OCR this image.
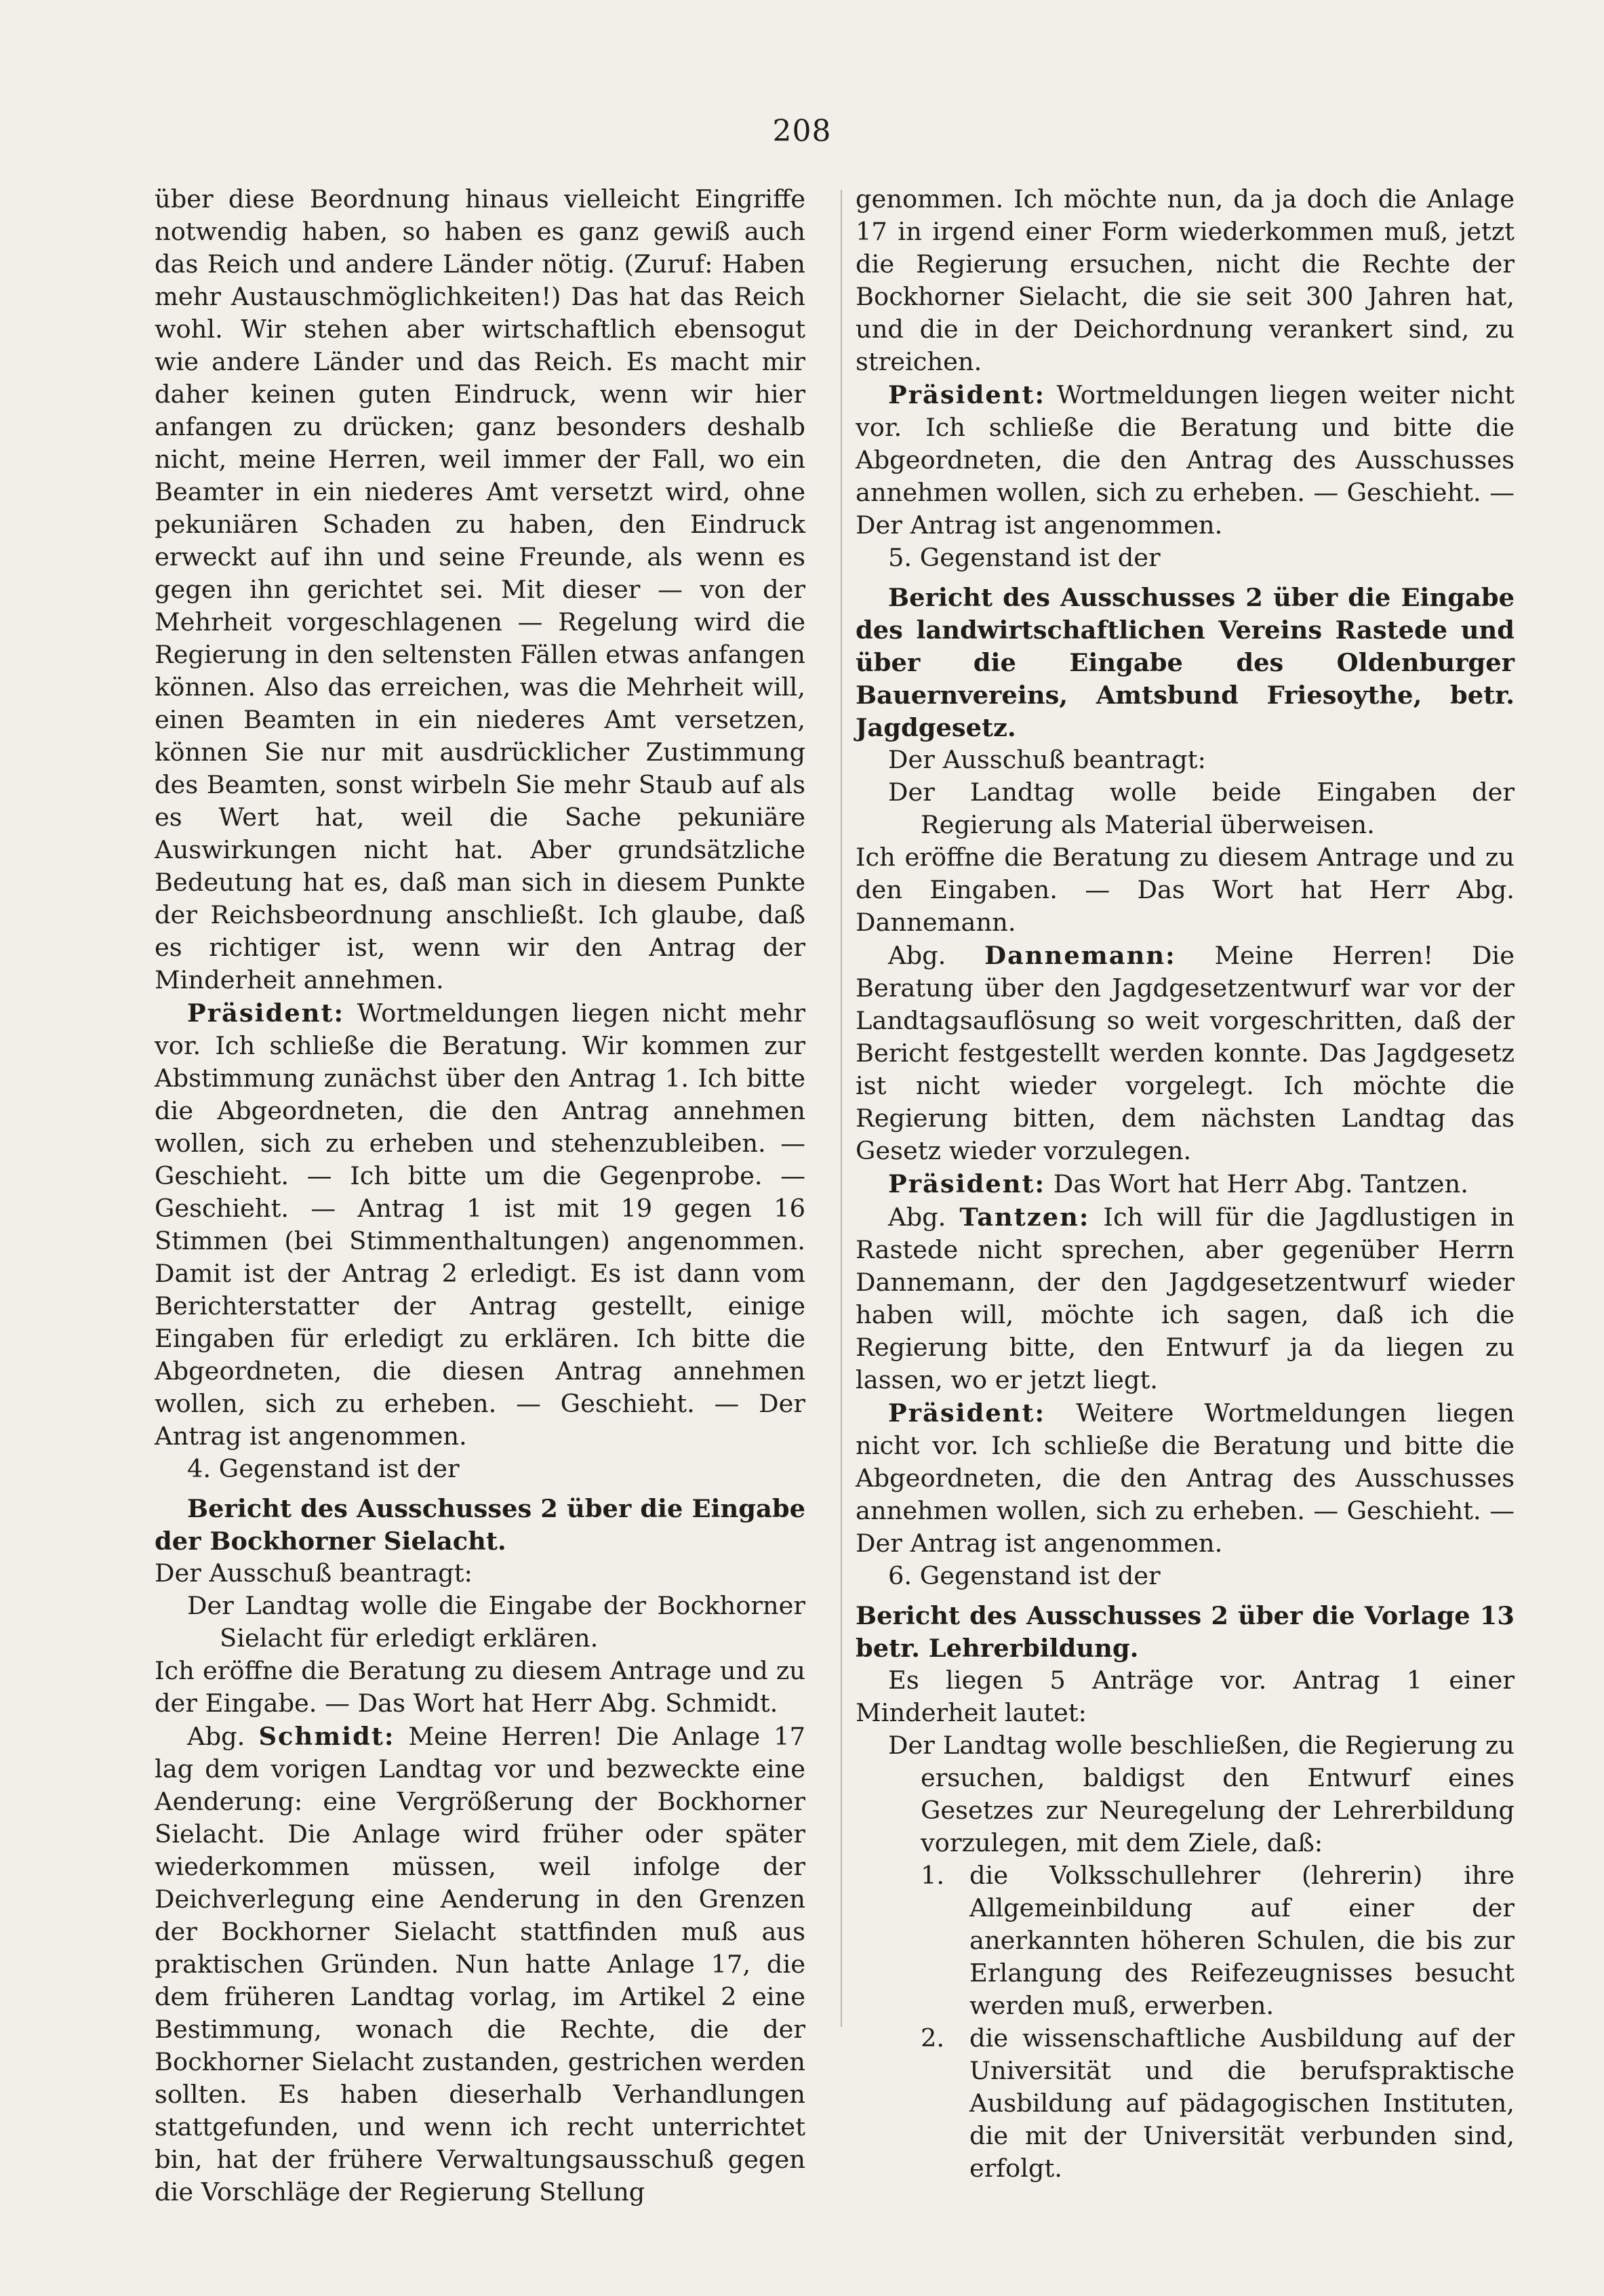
208

über diese Beordnung hinaus vielleicht Eingriffe notwendig haben, so haben es ganz gewiß auch das Reich und andere Länder nötig. (Zuruf: Haben mehr Austauschmöglichkeiten!) Das hat das Reich wohl. Wir stehen aber wirtschaftlich ebensogut wie andere Länder und das Reich. Es macht mir daher keinen guten Eindruck, wenn wir hier anfangen zu drücken; ganz besonders deshalb nicht, meine Herren, weil immer der Fall, wo ein Beamter in ein niederes Amt versetzt wird, ohne pekuniären Schaden zu haben, den Eindruck erweckt auf ihn und seine Freunde, als wenn es gegen ihn gerichtet sei. Mit dieser — von der Mehrheit vorgeschlagenen — Regelung wird die Regierung in den seltensten Fällen etwas anfangen können. Also das erreichen, was die Mehrheit will, einen Beamten in ein niederes Amt versetzen, können Sie nur mit ausdrücklicher Zustimmung des Beamten, sonst wirbeln Sie mehr Staub auf als es Wert hat, weil die Sache pekuniäre Auswirkungen nicht hat. Aber grundsätzliche Bedeutung hat es, daß man sich in diesem Punkte der Reichsbeordnung anschließt. Ich glaube, daß es richtiger ist, wenn wir den Antrag der Minderheit annehmen.

Präsident: Wortmeldungen liegen nicht mehr vor. Ich schließe die Beratung. Wir kommen zur Abstimmung zunächst über den Antrag 1. Ich bitte die Abgeordneten, die den Antrag annehmen wollen, sich zu erheben und stehenzubleiben. — Geschieht. — Ich bitte um die Gegenprobe. — Geschieht. — Antrag 1 ist mit 19 gegen 16 Stimmen (bei Stimmenthaltungen) angenommen. Damit ist der Antrag 2 erledigt. Es ist dann vom Berichterstatter der Antrag gestellt, einige Eingaben für erledigt zu erklären. Ich bitte die Abgeordneten, die diesen Antrag annehmen wollen, sich zu erheben. — Geschieht. — Der Antrag ist angenommen.

4. Gegenstand ist der

Bericht des Ausschusses 2 über die Eingabe der Bockhorner Sielacht.

Der Ausschuß beantragt:

Der Landtag wolle die Eingabe der Bockhorner Sielacht für erledigt erklären.

Ich eröffne die Beratung zu diesem Antrage und zu der Eingabe. — Das Wort hat Herr Abg. Schmidt.

Abg. Schmidt: Meine Herren! Die Anlage 17 lag dem vorigen Landtag vor und bezweckte eine Aenderung: eine Vergrößerung der Bockhorner Sielacht. Die Anlage wird früher oder später wiederkommen müssen, weil infolge der Deichverlegung eine Aenderung in den Grenzen der Bockhorner Sielacht stattfinden muß aus praktischen Gründen. Nun hatte Anlage 17, die dem früheren Landtag vorlag, im Artikel 2 eine Bestimmung, wonach die Rechte, die der Bockhorner Sielacht zustanden, gestrichen werden sollten. Es haben dieserhalb Verhandlungen stattgefunden, und wenn ich recht unterrichtet bin, hat der frühere Verwaltungsausschuß gegen die Vorschläge der Regierung Stellung

genommen. Ich möchte nun, da ja doch die Anlage 17 in irgend einer Form wiederkommen muß, jetzt die Regierung ersuchen, nicht die Rechte der Bockhorner Sielacht, die sie seit 300 Jahren hat, und die in der Deichordnung verankert sind, zu streichen.

Präsident: Wortmeldungen liegen weiter nicht vor. Ich schließe die Beratung und bitte die Abgeordneten, die den Antrag des Ausschusses annehmen wollen, sich zu erheben. — Geschieht. — Der Antrag ist angenommen.

5. Gegenstand ist der

Bericht des Ausschusses 2 über die Eingabe des landwirtschaftlichen Vereins Rastede und über die Eingabe des Oldenburger Bauernvereins, Amtsbund Friesoythe, betr. Jagdgesetz.

Der Ausschuß beantragt:

Der Landtag wolle beide Eingaben der Regierung als Material überweisen.

Ich eröffne die Beratung zu diesem Antrage und zu den Eingaben. — Das Wort hat Herr Abg. Dannemann.

Abg. Dannemann: Meine Herren! Die Beratung über den Jagdgesetzentwurf war vor der Landtagsauflösung so weit vorgeschritten, daß der Bericht festgestellt werden konnte. Das Jagdgesetz ist nicht wieder vorgelegt. Ich möchte die Regierung bitten, dem nächsten Landtag das Gesetz wieder vorzulegen.

Präsident: Das Wort hat Herr Abg. Tantzen.

Abg. Tantzen: Ich will für die Jagdlustigen in Rastede nicht sprechen, aber gegenüber Herrn Dannemann, der den Jagdgesetzentwurf wieder haben will, möchte ich sagen, daß ich die Regierung bitte, den Entwurf ja da liegen zu lassen, wo er jetzt liegt.

Präsident: Weitere Wortmeldungen liegen nicht vor. Ich schließe die Beratung und bitte die Abgeordneten, die den Antrag des Ausschusses annehmen wollen, sich zu erheben. — Geschieht. — Der Antrag ist angenommen.

6. Gegenstand ist der

Bericht des Ausschusses 2 über die Vorlage 13 betr. Lehrerbildung.

Es liegen 5 Anträge vor. Antrag 1 einer Minderheit lautet:

Der Landtag wolle beschließen, die Regierung zu ersuchen, baldigst den Entwurf eines Gesetzes zur Neuregelung der Lehrerbildung vorzulegen, mit dem Ziele, daß:

1. die Volksschullehrer (lehrerin) ihre Allgemeinbildung auf einer der anerkannten höheren Schulen, die bis zur Erlangung des Reifezeugnisses besucht werden muß, erwerben.
2. die wissenschaftliche Ausbildung auf der Universität und die berufspraktische Ausbildung auf pädagogischen Instituten, die mit der Universität verbunden sind, erfolgt.
